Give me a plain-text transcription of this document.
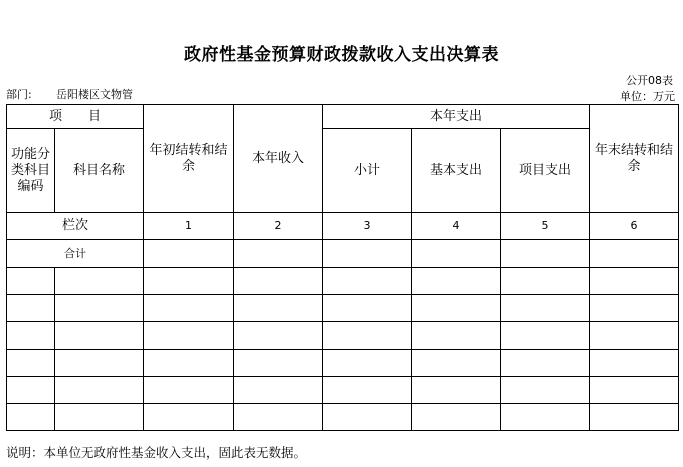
政府性基金预算财政拨款收入支出决算表
公开08表
部门: 岳阳楼区文物管	单位：万元
项　　目		年初结转和结余	本年收入	本年支出			年末结转和结余
功能分类科目编码	科目名称			小计	基本支出	项目支出	

栏次		1	2	3	4	5	6
合计							

说明：本单位无政府性基金收入支出，固此表无数据。
